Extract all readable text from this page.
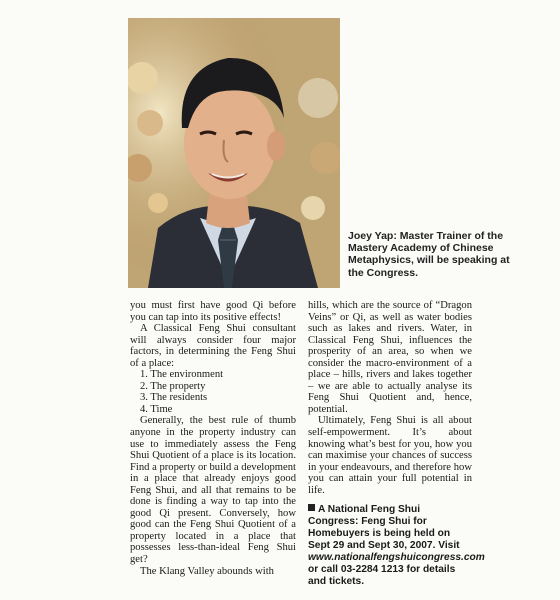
Joey Yap: Master Trainer of the Mastery Academy of Chinese Metaphysics, will be speaking at the Congress.

you must first have good Qi before you can tap into its positive effects!

A Classical Feng Shui consultant will always consider four major factors, in determining the Feng Shui of a place:

1. The environment
2. The property
3. The residents
4. Time

Generally, the best rule of thumb anyone in the property industry can use to immediately assess the Feng Shui Quotient of a place is its location. Find a property or build a development in a place that already enjoys good Feng Shui, and all that remains to be done is finding a way to tap into the good Qi present. Conversely, how good can the Feng Shui Quotient of a property located in a place that possesses less-than-ideal Feng Shui get?

The Klang Valley abounds with

hills, which are the source of “Dragon Veins” or Qi, as well as water bodies such as lakes and rivers. Water, in Classical Feng Shui, influences the prosperity of an area, so when we consider the macro-environment of a place – hills, rivers and lakes together – we are able to actually analyse its Feng Shui Quotient and, hence, potential.

Ultimately, Feng Shui is all about self-empowerment. It’s about knowing what’s best for you, how you can maximise your chances of success in your endeavours, and therefore how you can attain your full potential in life.

A National Feng Shui Congress: Feng Shui for Homebuyers is being held on Sept 29 and Sept 30, 2007. Visit www.nationalfengshuicongress.com or call 03-2284 1213 for details and tickets.
